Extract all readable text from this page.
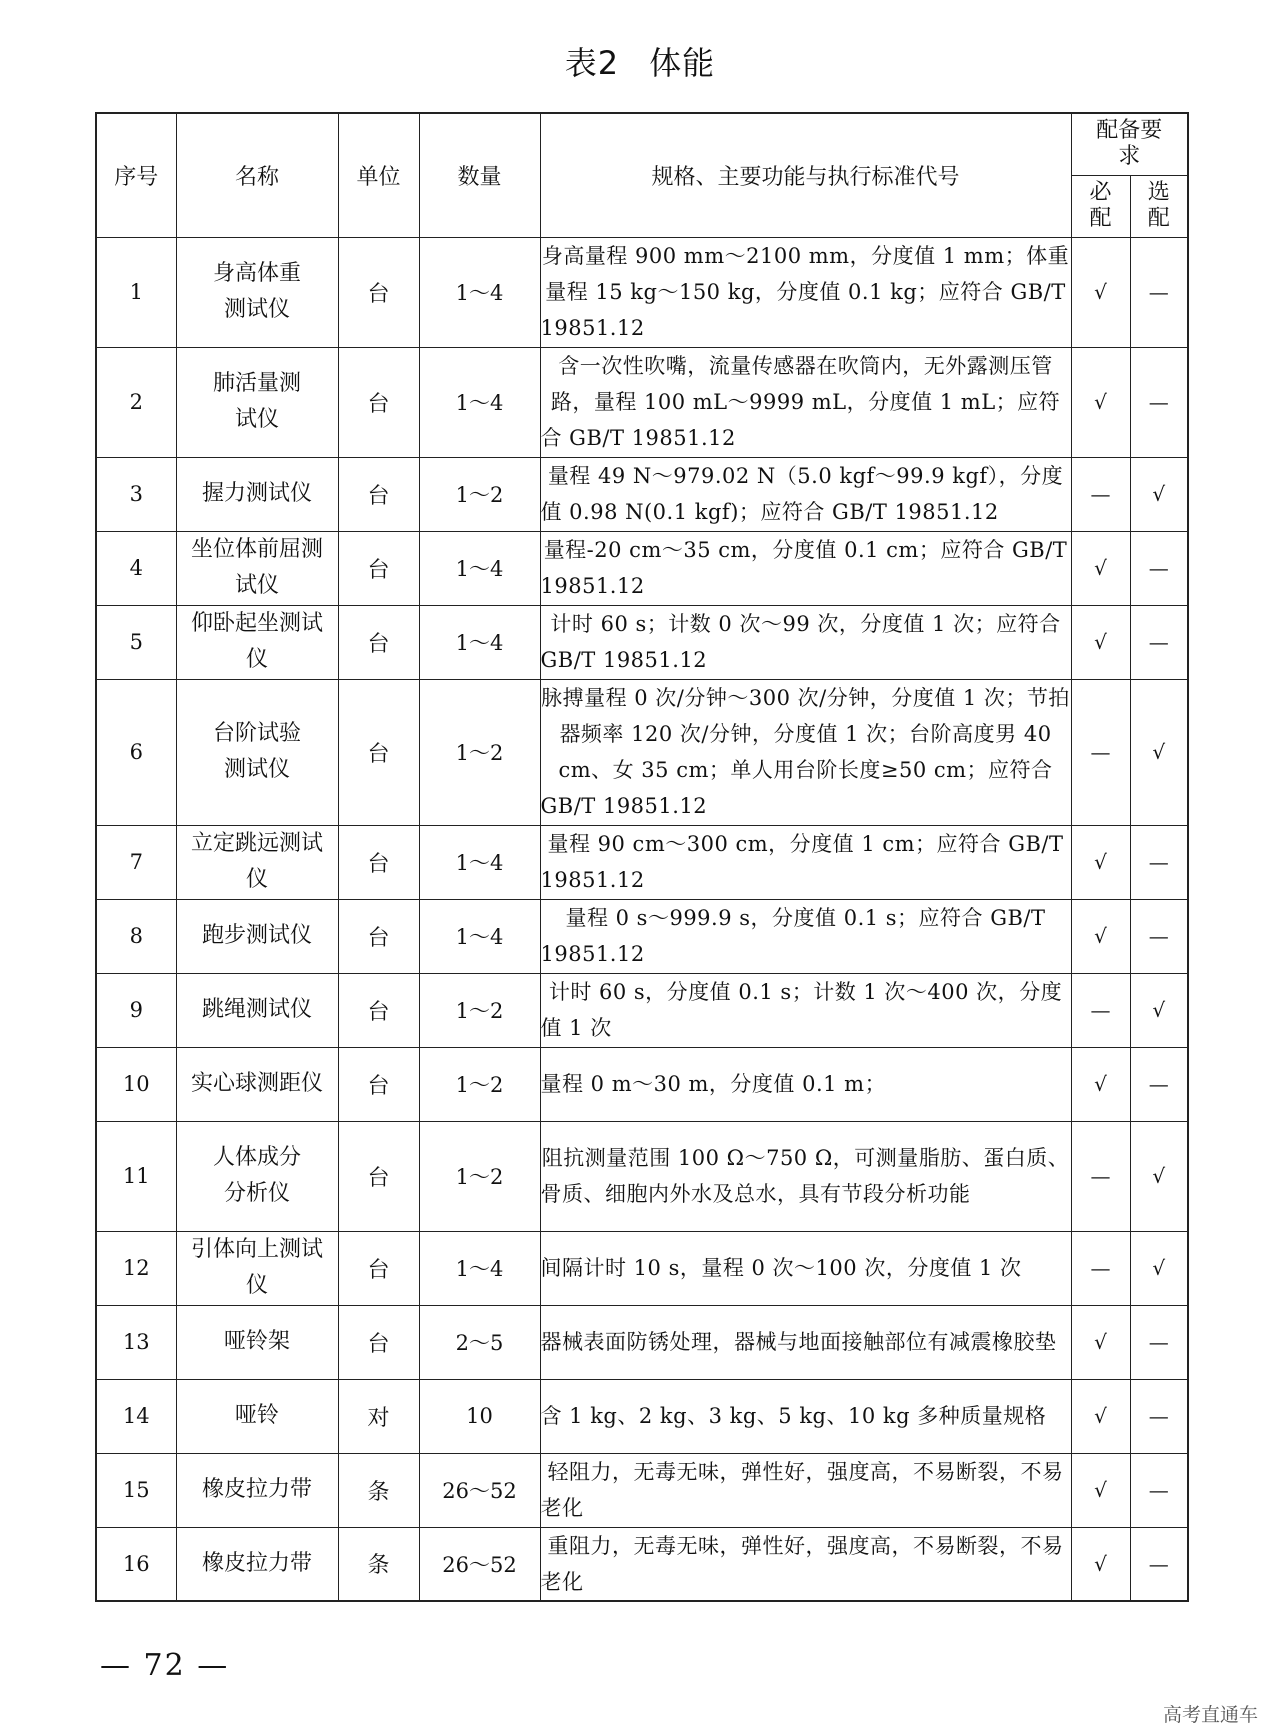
表2 体能
序号	名称	单位	数量	规格、主要功能与执行标准代号	配备要求	
					必配	选配
1	身高体重测试仪	台	1～4	身高量程 900 mm～2100 mm，分度值 1 mm；体重量程 15 kg～150 kg，分度值 0.1 kg；应符合 GB/T 19851.12	√	—
2	肺活量测试仪	台	1～4	含一次性吹嘴，流量传感器在吹筒内，无外露测压管路，量程 100 mL～9999 mL，分度值 1 mL；应符合 GB/T 19851.12	√	—
3	握力测试仪	台	1～2	量程 49 N～979.02 N（5.0 kgf～99.9 kgf），分度值 0.98 N(0.1 kgf)；应符合 GB/T 19851.12	—	√
4	坐位体前屈测试仪	台	1～4	量程-20 cm～35 cm，分度值 0.1 cm；应符合 GB/T 19851.12	√	—
5	仰卧起坐测试仪	台	1～4	计时 60 s；计数 0 次～99 次，分度值 1 次；应符合 GB/T 19851.12	√	—
6	台阶试验测试仪	台	1～2	脉搏量程 0 次/分钟～300 次/分钟，分度值 1 次；节拍器频率 120 次/分钟，分度值 1 次；台阶高度男 40 cm、女 35 cm；单人用台阶长度≥50 cm；应符合 GB/T 19851.12	—	√
7	立定跳远测试仪	台	1～4	量程 90 cm～300 cm，分度值 1 cm；应符合 GB/T 19851.12	√	—
8	跑步测试仪	台	1～4	量程 0 s～999.9 s，分度值 0.1 s；应符合 GB/T 19851.12	√	—
9	跳绳测试仪	台	1～2	计时 60 s，分度值 0.1 s；计数 1 次～400 次，分度值 1 次	—	√
10	实心球测距仪	台	1～2	量程 0 m～30 m，分度值 0.1 m；	√	—
11	人体成分分析仪	台	1～2	阻抗测量范围 100 Ω～750 Ω，可测量脂肪、蛋白质、骨质、细胞内外水及总水，具有节段分析功能	—	√
12	引体向上测试仪	台	1～4	间隔计时 10 s，量程 0 次～100 次，分度值 1 次	—	√
13	哑铃架	台	2～5	器械表面防锈处理，器械与地面接触部位有减震橡胶垫	√	—
14	哑铃	对	10	含 1 kg、2 kg、3 kg、5 kg、10 kg 多种质量规格	√	—
15	橡皮拉力带	条	26～52	轻阻力，无毒无味，弹性好，强度高，不易断裂，不易老化	√	—
16	橡皮拉力带	条	26～52	重阻力，无毒无味，弹性好，强度高，不易断裂，不易老化	√	—
— 72 —
高考直通车
